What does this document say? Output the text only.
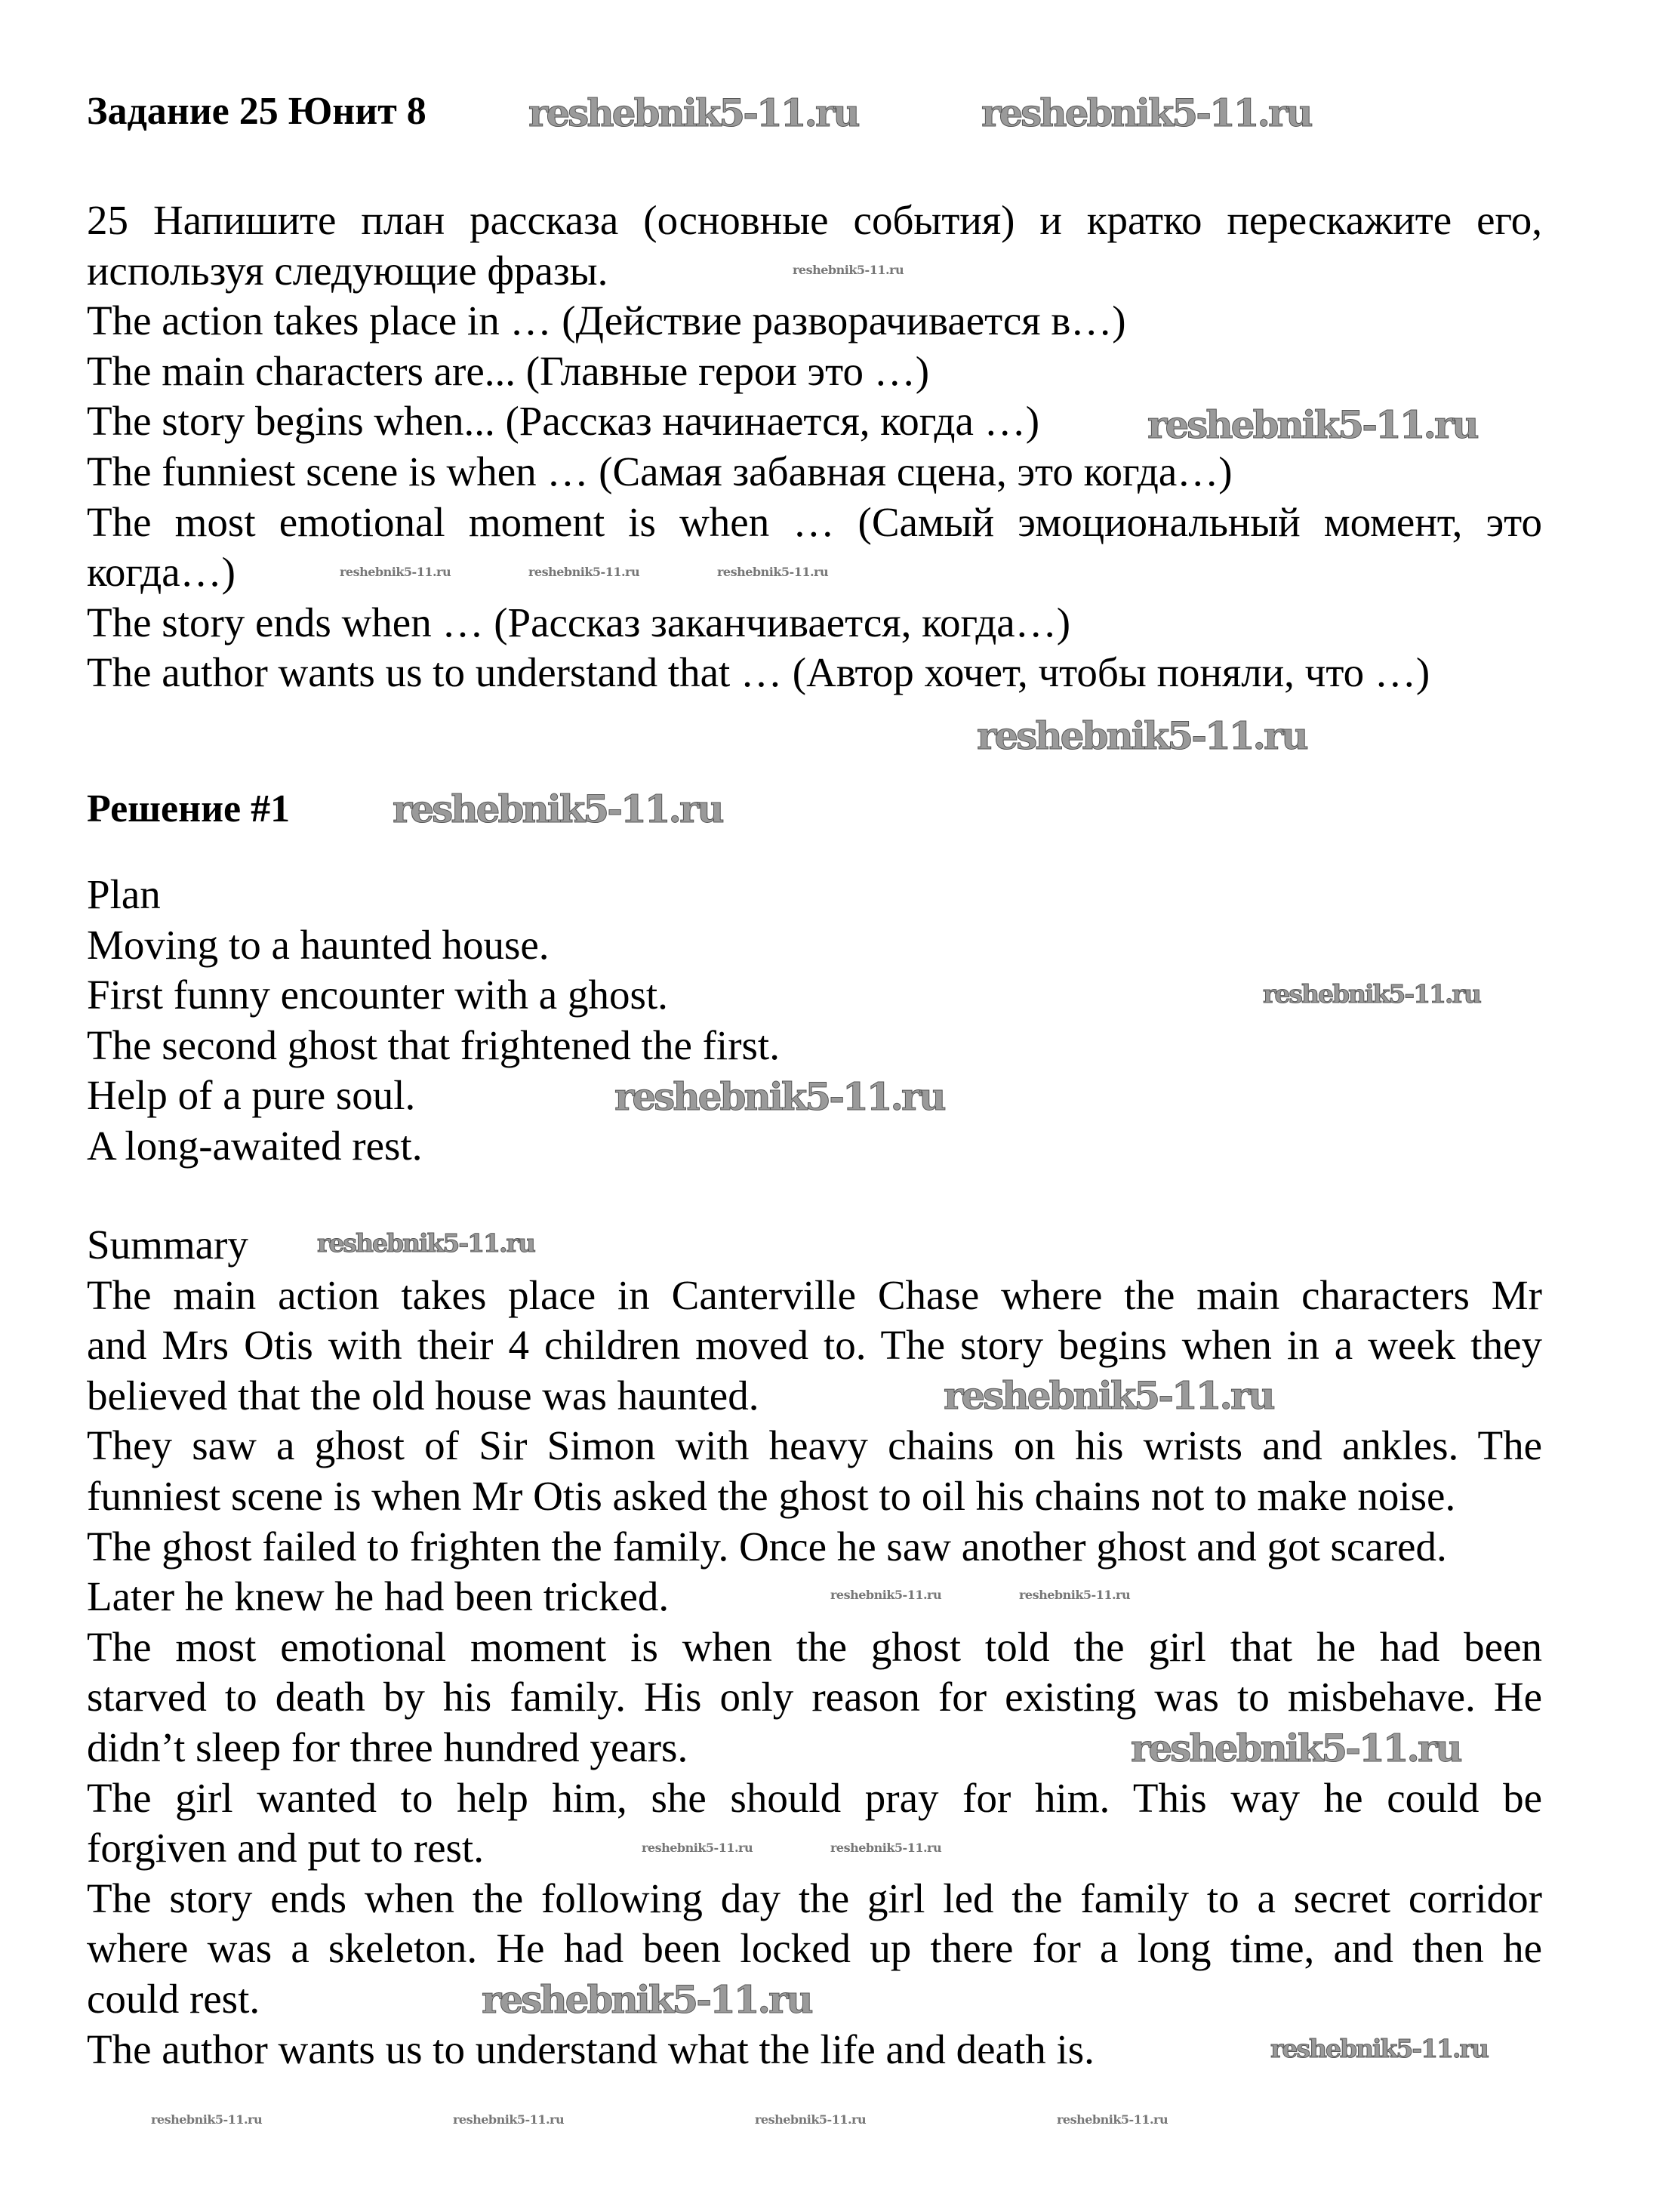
Задание 25 Юнит 8
25 Напишите план рассказа (основные события) и кратко перескажите его,
используя следующие фразы.
The action takes place in … (Действие разворачивается в…)
The main characters are... (Главные герои это …)
The story begins when... (Рассказ начинается, когда …)
The funniest scene is when … (Самая забавная сцена, это когда…)
The most emotional moment is when … (Самый эмоциональный момент, это
когда…)
The story ends when … (Рассказ заканчивается, когда…)
The author wants us to understand that … (Автор хочет, чтобы поняли, что …)
Решение #1
Plan
Moving to a haunted house.
First funny encounter with a ghost.
The second ghost that frightened the first.
Help of a pure soul.
A long-awaited rest.
Summary
The main action takes place in Canterville Chase where the main characters Mr
and Mrs Otis with their 4 children moved to. The story begins when in a week they
believed that the old house was haunted.
They saw a ghost of Sir Simon with heavy chains on his wrists and ankles. The
funniest scene is when Mr Otis asked the ghost to oil his chains not to make noise.
The ghost failed to frighten the family. Once he saw another ghost and got scared.
Later he knew he had been tricked.
The most emotional moment is when the ghost told the girl that he had been
starved to death by his family. His only reason for existing was to misbehave. He
didn’t sleep for three hundred years.
The girl wanted to help him, she should pray for him. This way he could be
forgiven and put to rest.
The story ends when the following day the girl led the family to a secret corridor
where was a skeleton. He had been locked up there for a long time, and then he
could rest.
The author wants us to understand what the life and death is.
reshebnik5-11.ru	reshebnik5-11.ru
reshebnik5-11.ru
reshebnik5-11.ru
reshebnik5-11.ru
reshebnik5-11.ru
reshebnik5-11.ru
reshebnik5-11.ru
reshebnik5-11.ru
reshebnik5-11.ru
reshebnik5-11.ru
reshebnik5-11.ru
reshebnik5-11.ru	reshebnik5-11.ru	reshebnik5-11.ru
reshebnik5-11.ru
reshebnik5-11.ru	reshebnik5-11.ru
reshebnik5-11.ru	reshebnik5-11.ru
reshebnik5-11.ru	reshebnik5-11.ru	reshebnik5-11.ru	reshebnik5-11.ru
